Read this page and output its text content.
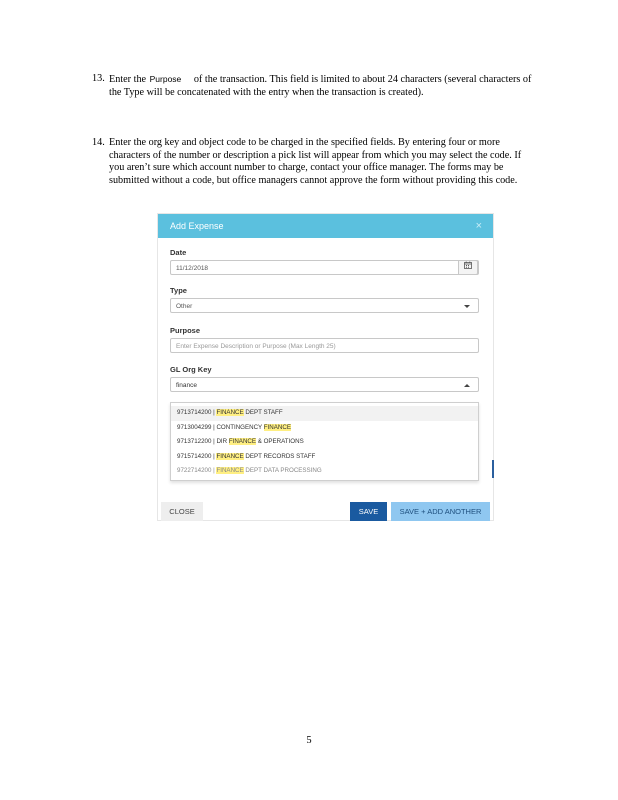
13. Enter the Purpose of the transaction. This field is limited to about 24 characters (several characters of the Type will be concatenated with the entry when the transaction is created).
14. Enter the org key and object code to be charged in the specified fields. By entering four or more characters of the number or description a pick list will appear from which you may select the code. If you aren’t sure which account number to charge, contact your office manager. The forms may be submitted without a code, but office managers cannot approve the form without providing this code.
Add Expense	×
Date
11/12/2018
Type
Other
Purpose
Enter Expense Description or Purpose (Max Length 25)
GL Org Key
finance
9713714200 | FINANCE DEPT STAFF
9713004299 | CONTINGENCY FINANCE
9713712200 | DIR FINANCE & OPERATIONS
9715714200 | FINANCE DEPT RECORDS STAFF
9722714200 | FINANCE DEPT DATA PROCESSING
CLOSE	SAVE	SAVE + ADD ANOTHER
5
